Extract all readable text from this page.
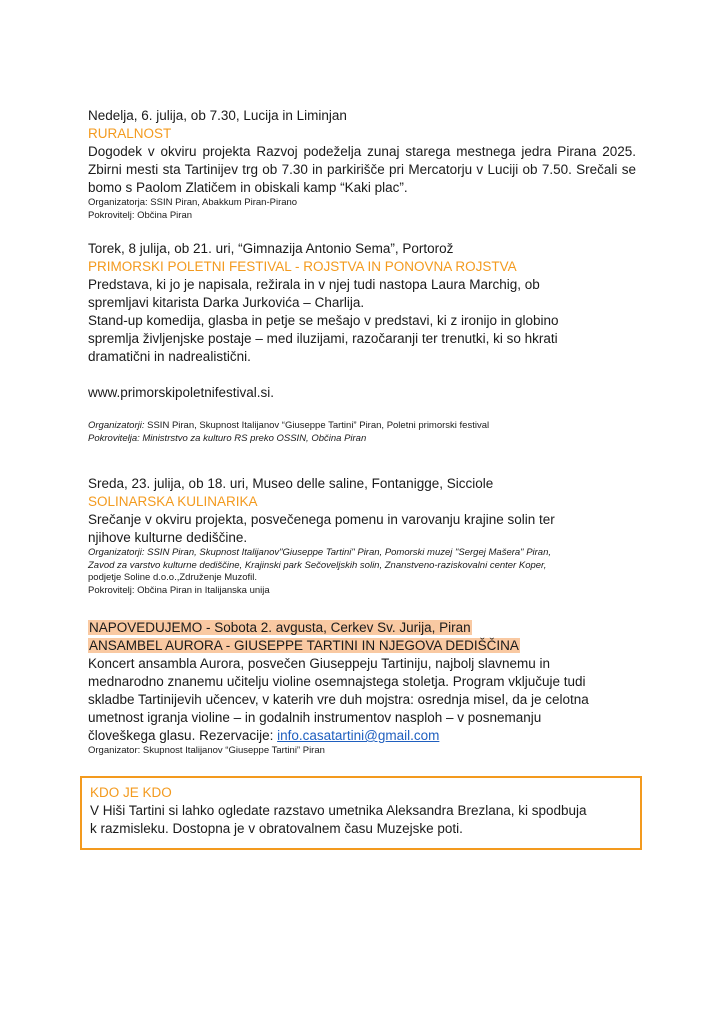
Nedelja, 6. julija, ob 7.30, Lucija in Liminjan

RURALNOST

Dogodek v okviru projekta Razvoj podeželja zunaj starega mestnega jedra Pirana 2025. Zbirni mesti sta Tartinijev trg ob 7.30 in parkirišče pri Mercatorju v Luciji ob 7.50. Srečali se bomo s Paolom Zlatičem in obiskali kamp “Kaki plac”.

Organizatorja: SSIN Piran, Abakkum Piran-Pirano

Pokrovitelj: Občina Piran

Torek, 8 julija, ob 21. uri, “Gimnazija Antonio Sema”, Portorož

PRIMORSKI POLETNI FESTIVAL - ROJSTVA IN PONOVNA ROJSTVA

Predstava, ki jo je napisala, režirala in v njej tudi nastopa Laura Marchig, ob

spremljavi kitarista Darka Jurkovića – Charlija.

Stand-up komedija, glasba in petje se mešajo v predstavi, ki z ironijo in globino

spremlja življenjske postaje – med iluzijami, razočaranji ter trenutki, ki so hkrati

dramatični in nadrealistični.

www.primorskipoletnifestival.si.

Organizatorji: SSIN Piran, Skupnost Italijanov “Giuseppe Tartini” Piran, Poletni primorski festival

Pokroviteljа: Ministrstvo za kulturo RS preko OSSIN, Občina Piran

Sreda, 23. julija, ob 18. uri, Museo delle saline, Fontanigge, Sicciole

SOLINARSKA KULINARIKA

Srečanje v okviru projekta, posvečenega pomenu in varovanju krajine solin ter

njihove kulturne dediščine.

Organizatorji: SSIN Piran, Skupnost Italijanov"Giuseppe Tartini" Piran, Pomorski muzej "Sergej Mašera" Piran,

Zavod za varstvo kulturne dediščine, Krajinski park Sečoveljskih solin, Znanstveno-raziskovalni center Koper,

podjetje Soline d.o.o.,Združenje Muzofil.

Pokrovitelj: Občina Piran in Italijanska unija

NAPOVEDUJEMO - Sobota 2. avgusta, Cerkev Sv. Jurija, Piran

ANSAMBEL AURORA - GIUSEPPE TARTINI IN NJEGOVA DEDIŠČINA

Koncert ansambla Aurora, posvečen Giuseppeju Tartiniju, najbolj slavnemu in

mednarodno znanemu učitelju violine osemnajstega stoletja. Program vključuje tudi

skladbe Tartinijevih učencev, v katerih vre duh mojstra: osrednja misel, da je celotna

umetnost igranja violine – in godalnih instrumentov nasploh – v posnemanju

človeškega glasu. Rezervacije: info.casatartini@gmail.com

Organizator: Skupnost Italijanov “Giuseppe Tartini” Piran

KDO JE KDO

V Hiši Tartini si lahko ogledate razstavo umetnika Aleksandra Brezlana, ki spodbuja

k razmisleku. Dostopna je v obratovalnem času Muzejske poti.
